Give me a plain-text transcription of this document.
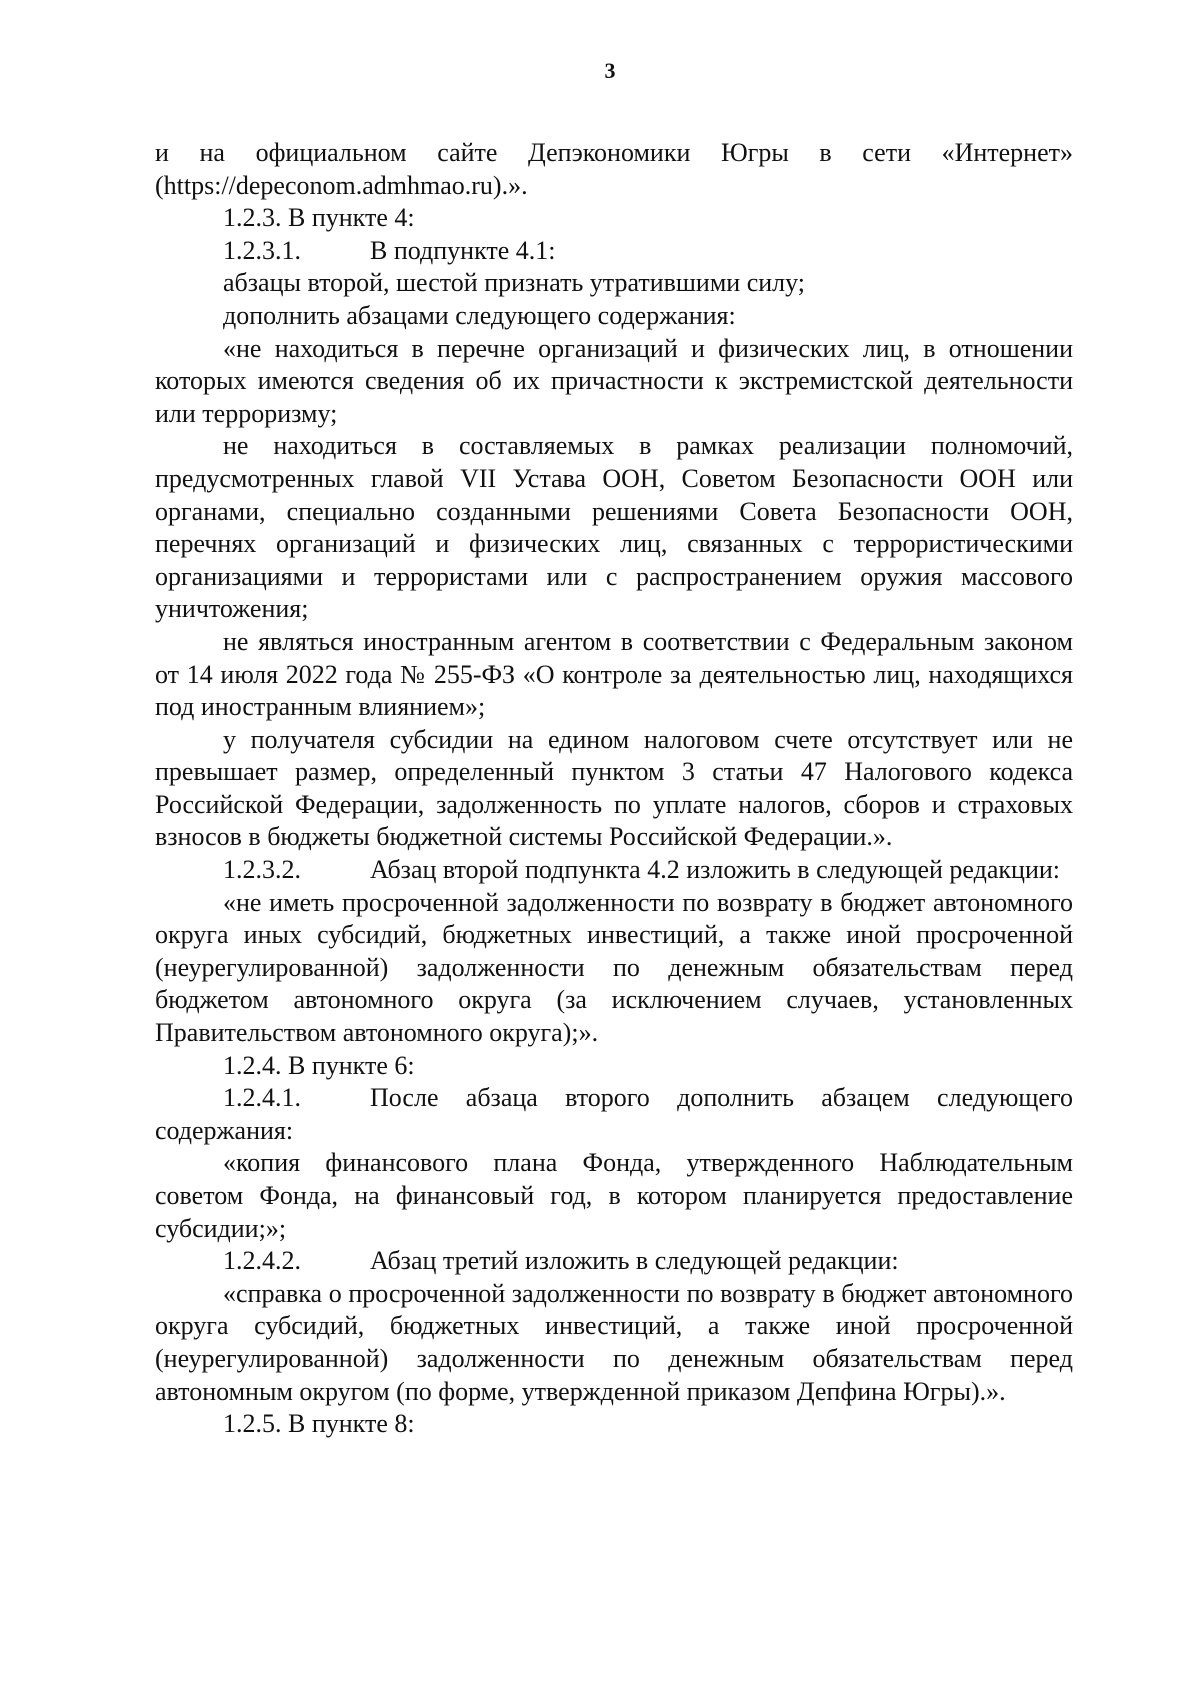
3

и на официальном сайте Депэкономики Югры в сети «Интернет» (https://depeconom.admhmao.ru).».

1.2.3. В пункте 4:

1.2.3.1.	В подпункте 4.1:

абзацы второй, шестой признать утратившими силу;

дополнить абзацами следующего содержания:

«не находиться в перечне организаций и физических лиц, в отношении которых имеются сведения об их причастности к экстремистской деятельности или терроризму;

не находиться в составляемых в рамках реализации полномочий, предусмотренных главой VII Устава ООН, Советом Безопасности ООН или органами, специально созданными решениями Совета Безопасности ООН, перечнях организаций и физических лиц, связанных с террористическими организациями и террористами или с распространением оружия массового уничтожения;

не являться иностранным агентом в соответствии с Федеральным законом от 14 июля 2022 года № 255-ФЗ «О контроле за деятельностью лиц, находящихся под иностранным влиянием»;

у получателя субсидии на едином налоговом счете отсутствует или не превышает размер, определенный пунктом 3 статьи 47 Налогового кодекса Российской Федерации, задолженность по уплате налогов, сборов и страховых взносов в бюджеты бюджетной системы Российской Федерации.».

1.2.3.2.	Абзац второй подпункта 4.2 изложить в следующей редакции:

«не иметь просроченной задолженности по возврату в бюджет автономного округа иных субсидий, бюджетных инвестиций, а также иной просроченной (неурегулированной) задолженности по денежным обязательствам перед бюджетом автономного округа (за исключением случаев, установленных Правительством автономного округа);».

1.2.4. В пункте 6:

1.2.4.1.	После абзаца второго дополнить абзацем следующего содержания:

«копия финансового плана Фонда, утвержденного Наблюдательным советом Фонда, на финансовый год, в котором планируется предоставление субсидии;»;

1.2.4.2.	Абзац третий изложить в следующей редакции:

«справка о просроченной задолженности по возврату в бюджет автономного округа субсидий, бюджетных инвестиций, а также иной просроченной (неурегулированной) задолженности по денежным обязательствам перед автономным округом (по форме, утвержденной приказом Депфина Югры).».

1.2.5. В пункте 8:
